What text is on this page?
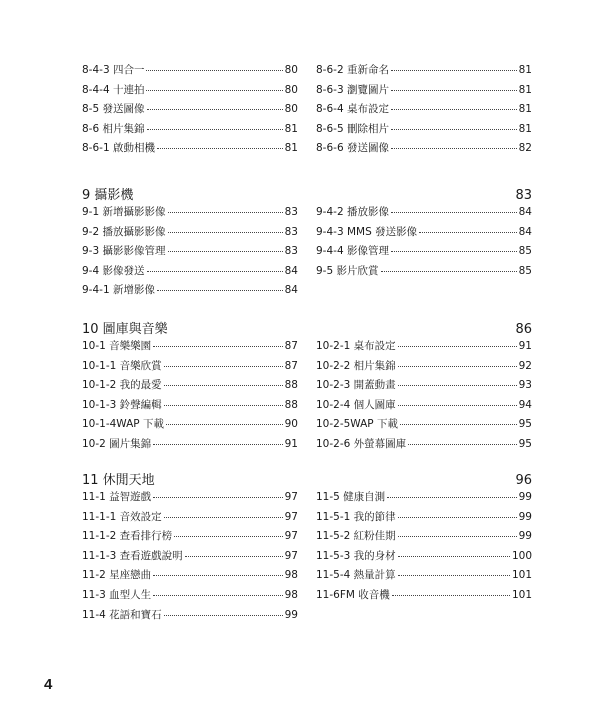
8-4-3 四合一	80
8-4-4 十連拍	80
8-5 發送圖像	80
8-6 相片集錦	81
8-6-1 啟動相機	81
8-6-2 重新命名	81
8-6-3 瀏覽圖片	81
8-6-4 桌布設定	81
8-6-5 刪除相片	81
8-6-6 發送圖像	82
9 攝影機	83
9-1 新增攝影影像	83
9-2 播放攝影影像	83
9-3 攝影影像管理	83
9-4 影像發送	84
9-4-1 新增影像	84
9-4-2 播放影像	84
9-4-3 MMS 發送影像	84
9-4-4 影像管理	85
9-5 影片欣賞	85
10 圖庫與音樂	86
10-1 音樂樂園	87
10-1-1 音樂欣賞	87
10-1-2 我的最愛	88
10-1-3 鈴聲編輯	88
10-1-4WAP 下載	90
10-2 圖片集錦	91
10-2-1 桌布設定	91
10-2-2 相片集錦	92
10-2-3 開蓋動畫	93
10-2-4 個人圖庫	94
10-2-5WAP 下載	95
10-2-6 外螢幕圖庫	95
11 休閒天地	96
11-1 益智遊戲	97
11-1-1 音效設定	97
11-1-2 查看排行榜	97
11-1-3 查看遊戲說明	97
11-2 星座戀曲	98
11-3 血型人生	98
11-4 花語和寶石	99
11-5 健康自測	99
11-5-1 我的節律	99
11-5-2 紅粉佳期	99
11-5-3 我的身材	100
11-5-4 熱量計算	101
11-6FM 收音機	101
4
